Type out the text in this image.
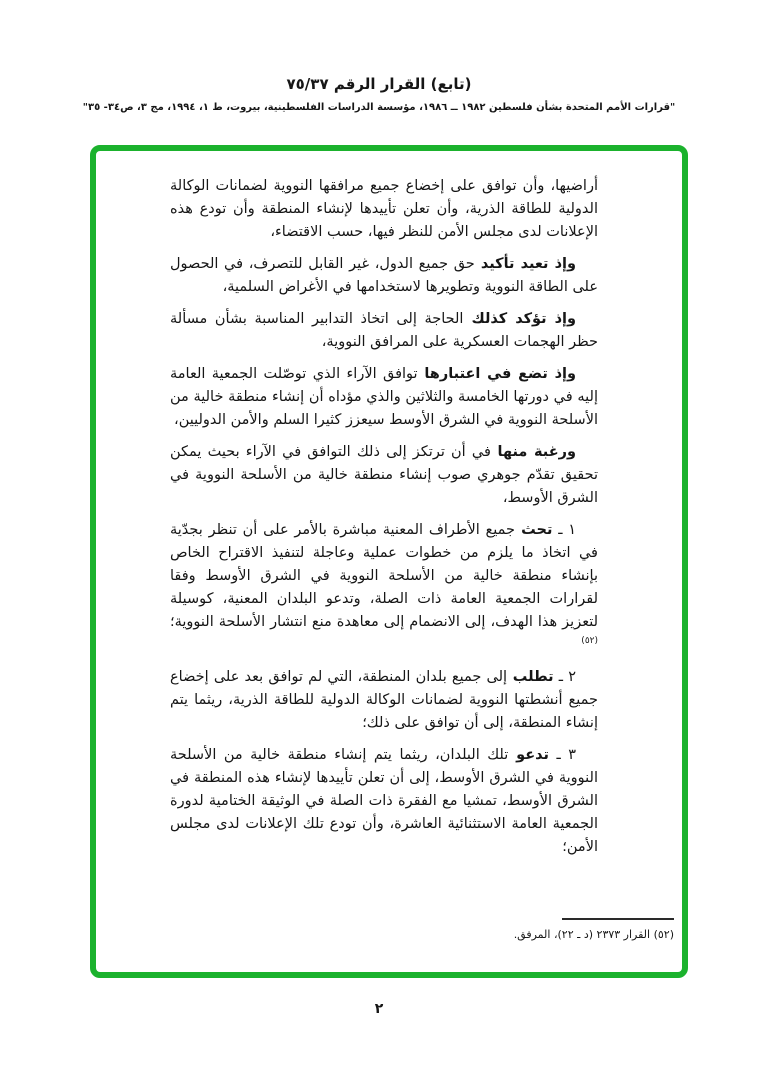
(تابع) القرار الرقم ٧٥/٣٧
"قرارات الأمم المتحدة بشأن فلسطين ١٩٨٢ ــ ١٩٨٦، مؤسسة الدراسات الفلسطينية، بيروت، ط ١، ١٩٩٤، مج ٣، ص٣٤- ٣٥"

أراضيها، وأن توافق على إخضاع جميع مرافقها النووية لضمانات الوكالة الدولية للطاقة الذرية، وأن تعلن تأييدها لإنشاء المنطقة وأن تودع هذه الإعلانات لدى مجلس الأمن للنظر فيها، حسب الاقتضاء،

وإذ تعيد تأكيد حق جميع الدول، غير القابل للتصرف، في الحصول على الطاقة النووية وتطويرها لاستخدامها في الأغراض السلمية،

وإذ تؤكد كذلك الحاجة إلى اتخاذ التدابير المناسبة بشأن مسألة حظر الهجمات العسكرية على المرافق النووية،

وإذ تضع في اعتبارها توافق الآراء الذي توصّلت الجمعية العامة إليه في دورتها الخامسة والثلاثين والذي مؤداه أن إنشاء منطقة خالية من الأسلحة النووية في الشرق الأوسط سيعزز كثيرا السلم والأمن الدوليين،

ورغبة منها في أن ترتكز إلى ذلك التوافق في الآراء بحيث يمكن تحقيق تقدّم جوهري صوب إنشاء منطقة خالية من الأسلحة النووية في الشرق الأوسط،

١ ـ تحث جميع الأطراف المعنية مباشرة بالأمر على أن تنظر بجدّية في اتخاذ ما يلزم من خطوات عملية وعاجلة لتنفيذ الاقتراح الخاص بإنشاء منطقة خالية من الأسلحة النووية في الشرق الأوسط وفقا لقرارات الجمعية العامة ذات الصلة، وتدعو البلدان المعنية، كوسيلة لتعزيز هذا الهدف، إلى الانضمام إلى معاهدة منع انتشار الأسلحة النووية؛$^{(٥٢)}$

٢ ـ تطلب إلى جميع بلدان المنطقة، التي لم توافق بعد على إخضاع جميع أنشطتها النووية لضمانات الوكالة الدولية للطاقة الذرية، ريثما يتم إنشاء المنطقة، إلى أن توافق على ذلك؛

٣ ـ تدعو تلك البلدان، ريثما يتم إنشاء منطقة خالية من الأسلحة النووية في الشرق الأوسط، إلى أن تعلن تأييدها لإنشاء هذه المنطقة في الشرق الأوسط، تمشيا مع الفقرة ذات الصلة في الوثيقة الختامية لدورة الجمعية العامة الاستثنائية العاشرة، وأن تودع تلك الإعلانات لدى مجلس الأمن؛

(٥٢) القرار ٢٣٧٣ (د ـ ٢٢)، المرفق.
٢
